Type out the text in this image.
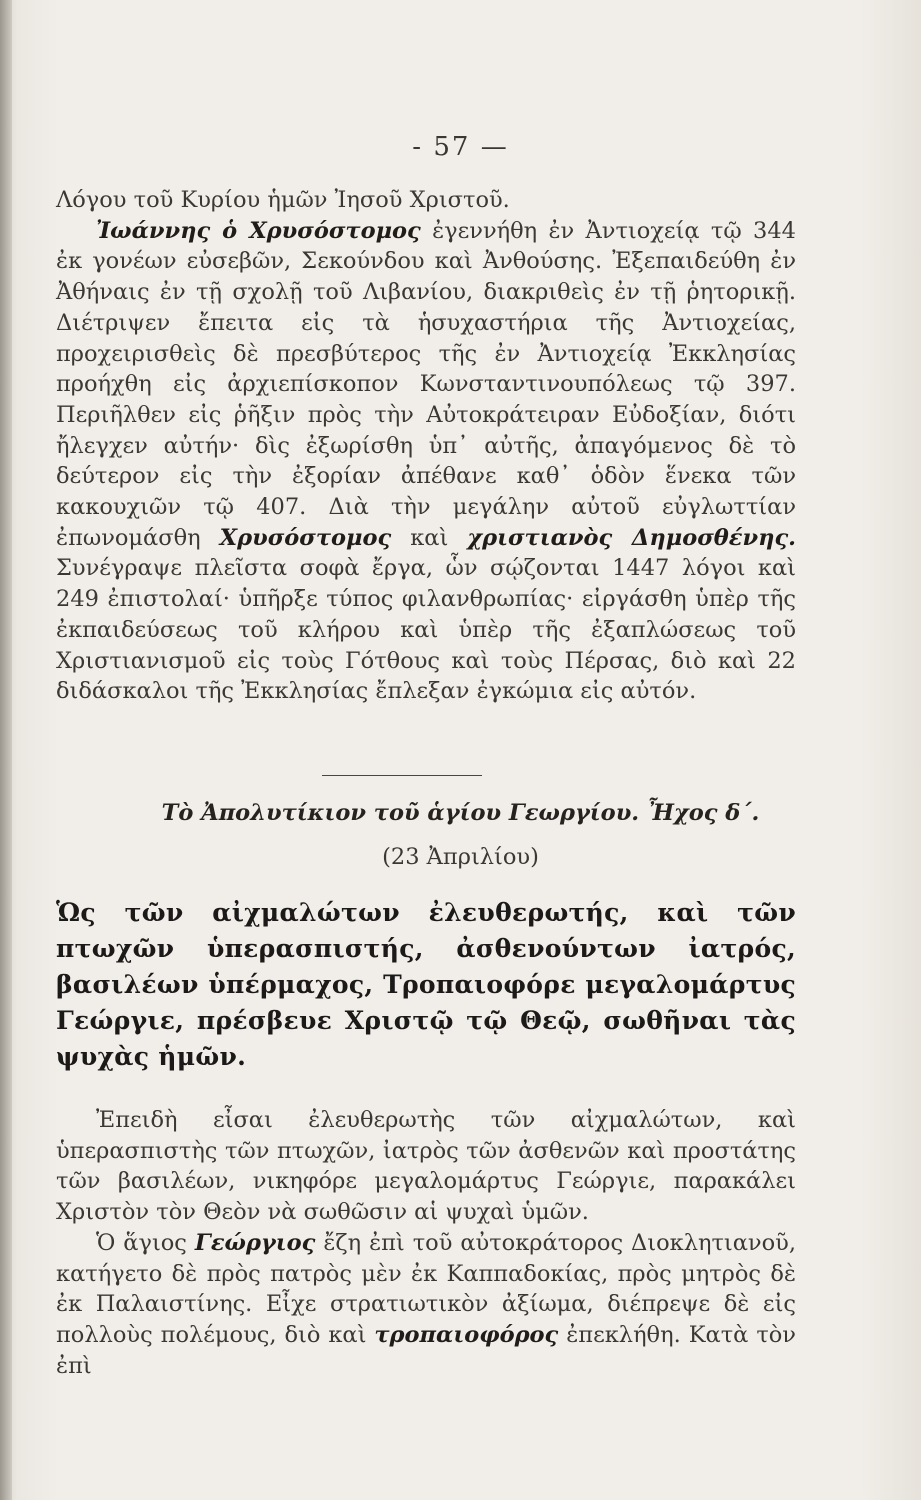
- 57 —

Λόγου τοῦ Κυρίου ἡμῶν Ἰησοῦ Χριστοῦ.

Ἰωάννης ὁ Χρυσόστομος ἐγεννήθη ἐν Ἀντιοχείᾳ τῷ 344 ἐκ γονέων εὐσεβῶν, Σεκούνδου καὶ Ἀνθούσης. Ἐξεπαιδεύθη ἐν Ἀθήναις ἐν τῇ σχολῇ τοῦ Λιβανίου, διακριθεὶς ἐν τῇ ῥητορικῇ. Διέτριψεν ἔπειτα εἰς τὰ ἡσυχαστήρια τῆς Ἀντιοχείας, προχειρισθεὶς δὲ πρεσβύτερος τῆς ἐν Ἀντιοχείᾳ Ἐκκλησίας προήχθη εἰς ἀρχιεπίσκοπον Κωνσταντινουπόλεως τῷ 397. Περιῆλθεν εἰς ῥῆξιν πρὸς τὴν Αὐτοκράτειραν Εὐδοξίαν, διότι ἤλεγχεν αὐτήν· δὶς ἐξωρίσθη ὑπ᾿ αὐτῆς, ἀπαγόμενος δὲ τὸ δεύτερον εἰς τὴν ἐξορίαν ἀπέθανε καθ᾿ ὁδὸν ἕνεκα τῶν κακουχιῶν τῷ 407. Διὰ τὴν μεγάλην αὐτοῦ εὐγλωττίαν ἐπωνομάσθη Χρυσόστομος καὶ χριστιανὸς Δημοσθένης. Συνέγραψε πλεῖστα σοφὰ ἔργα, ὧν σῴζονται 1447 λόγοι καὶ 249 ἐπιστολαί· ὑπῆρξε τύπος φιλανθρωπίας· εἰργάσθη ὑπὲρ τῆς ἐκπαιδεύσεως τοῦ κλήρου καὶ ὑπὲρ τῆς ἐξαπλώσεως τοῦ Χριστιανισμοῦ εἰς τοὺς Γότθους καὶ τοὺς Πέρσας, διὸ καὶ 22 διδάσκαλοι τῆς Ἐκκλησίας ἔπλεξαν ἐγκώμια εἰς αὐτόν.

Τὸ Ἀπολυτίκιον τοῦ ἁγίου Γεωργίου. Ἦχος δ΄.
(23 Ἀπριλίου)
Ὡς τῶν αἰχμαλώτων ἐλευθερωτής, καὶ τῶν πτωχῶν ὑπερασπιστής, ἀσθενούντων ἰατρός, βασιλέων ὑπέρμαχος, Τροπαιοφόρε μεγαλομάρτυς Γεώργιε, πρέσβευε Χριστῷ τῷ Θεῷ, σωθῆναι τὰς ψυχὰς ἡμῶν.

Ἐπειδὴ εἶσαι ἐλευθερωτὴς τῶν αἰχμαλώτων, καὶ ὑπερασπιστὴς τῶν πτωχῶν, ἰατρὸς τῶν ἀσθενῶν καὶ προστάτης τῶν βασιλέων, νικηφόρε μεγαλομάρτυς Γεώργιε, παρακάλει Χριστὸν τὸν Θεὸν νὰ σωθῶσιν αἱ ψυχαὶ ὑμῶν.

Ὁ ἅγιος Γεώργιος ἔζη ἐπὶ τοῦ αὐτοκράτορος Διοκλητιανοῦ, κατήγετο δὲ πρὸς πατρὸς μὲν ἐκ Καππαδοκίας, πρὸς μητρὸς δὲ ἐκ Παλαιστίνης. Εἶχε στρατιωτικὸν ἀξίωμα, διέπρεψε δὲ εἰς πολλοὺς πολέμους, διὸ καὶ τροπαιοφόρος ἐπεκλήθη. Κατὰ τὸν ἐπὶ
